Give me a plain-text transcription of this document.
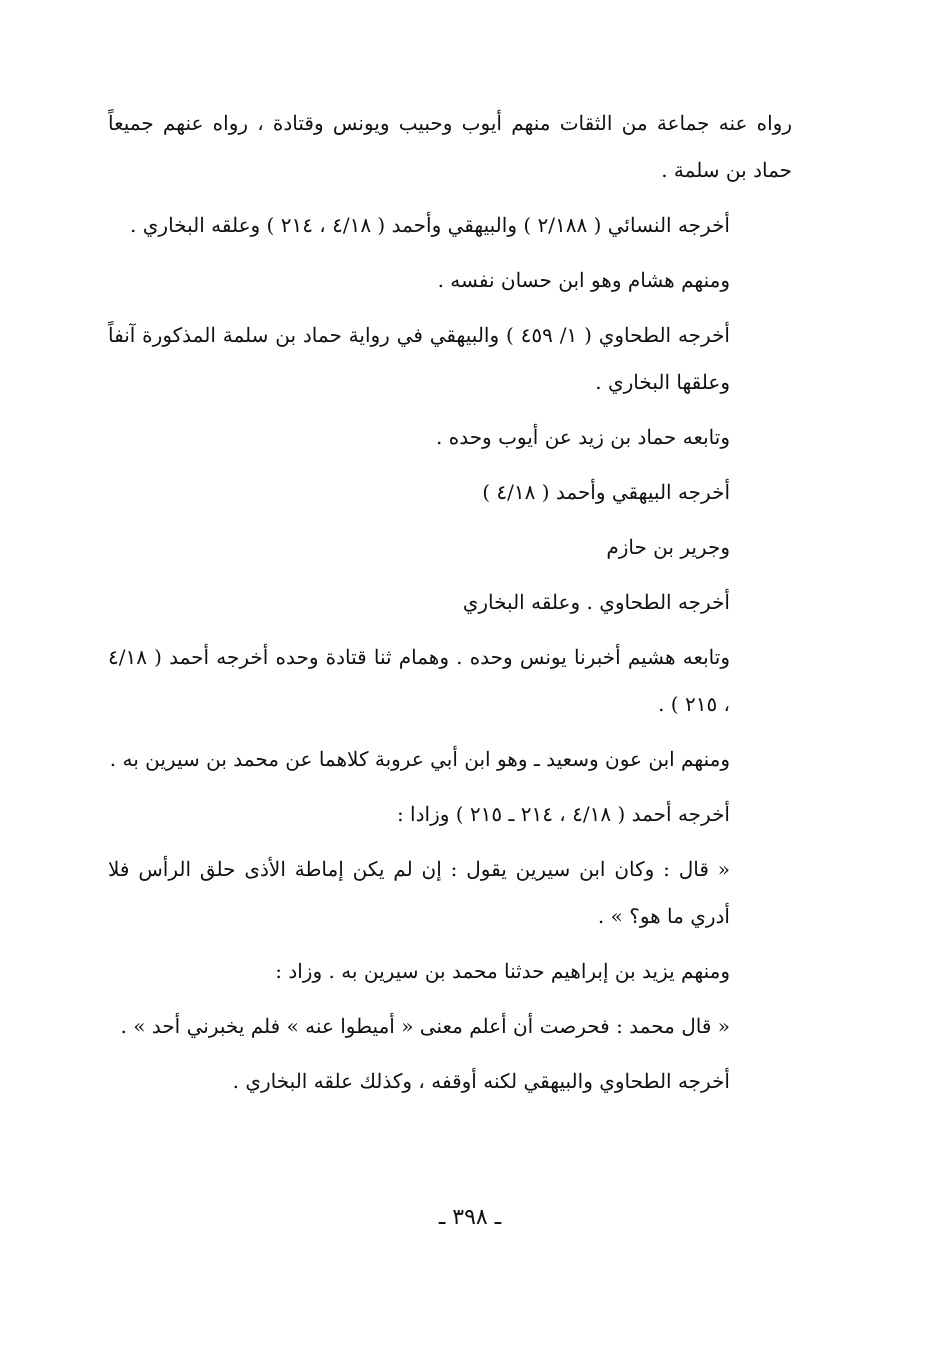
رواه عنه جماعة من الثقات منهم أيوب وحبيب ويونس وقتادة ، رواه عنهم جميعاً حماد بن سلمة .

أخرجه النسائي ( ٢/١٨٨ ) والبيهقي وأحمد ( ٤/١٨ ، ٢١٤ ) وعلقه البخاري .

ومنهم هشام وهو ابن حسان نفسه .

أخرجه الطحاوي ( ١/ ٤٥٩ ) والبيهقي في رواية حماد بن سلمة المذكورة آنفاً وعلقها البخاري .

وتابعه حماد بن زيد عن أيوب وحده .

أخرجه البيهقي وأحمد ( ٤/١٨ )

وجرير بن حازم

أخرجه الطحاوي . وعلقه البخاري

وتابعه هشيم أخبرنا يونس وحده . وهمام ثنا قتادة وحده أخرجه أحمد ( ٤/١٨ ، ٢١٥ ) .

ومنهم ابن عون وسعيد ـ وهو ابن أبي عروبة كلاهما عن محمد بن سيرين به .

أخرجه أحمد ( ٤/١٨ ، ٢١٤ ـ ٢١٥ ) وزادا :

« قال : وكان ابن سيرين يقول : إن لم يكن إماطة الأذى حلق الرأس فلا أدري ما هو؟ » .

ومنهم يزيد بن إبراهيم حدثنا محمد بن سيرين به . وزاد :

« قال محمد : فحرصت أن أعلم معنى « أميطوا عنه » فلم يخبرني أحد » .

أخرجه الطحاوي والبيهقي لكنه أوقفه ، وكذلك علقه البخاري .

ـ ٣٩٨ ـ
